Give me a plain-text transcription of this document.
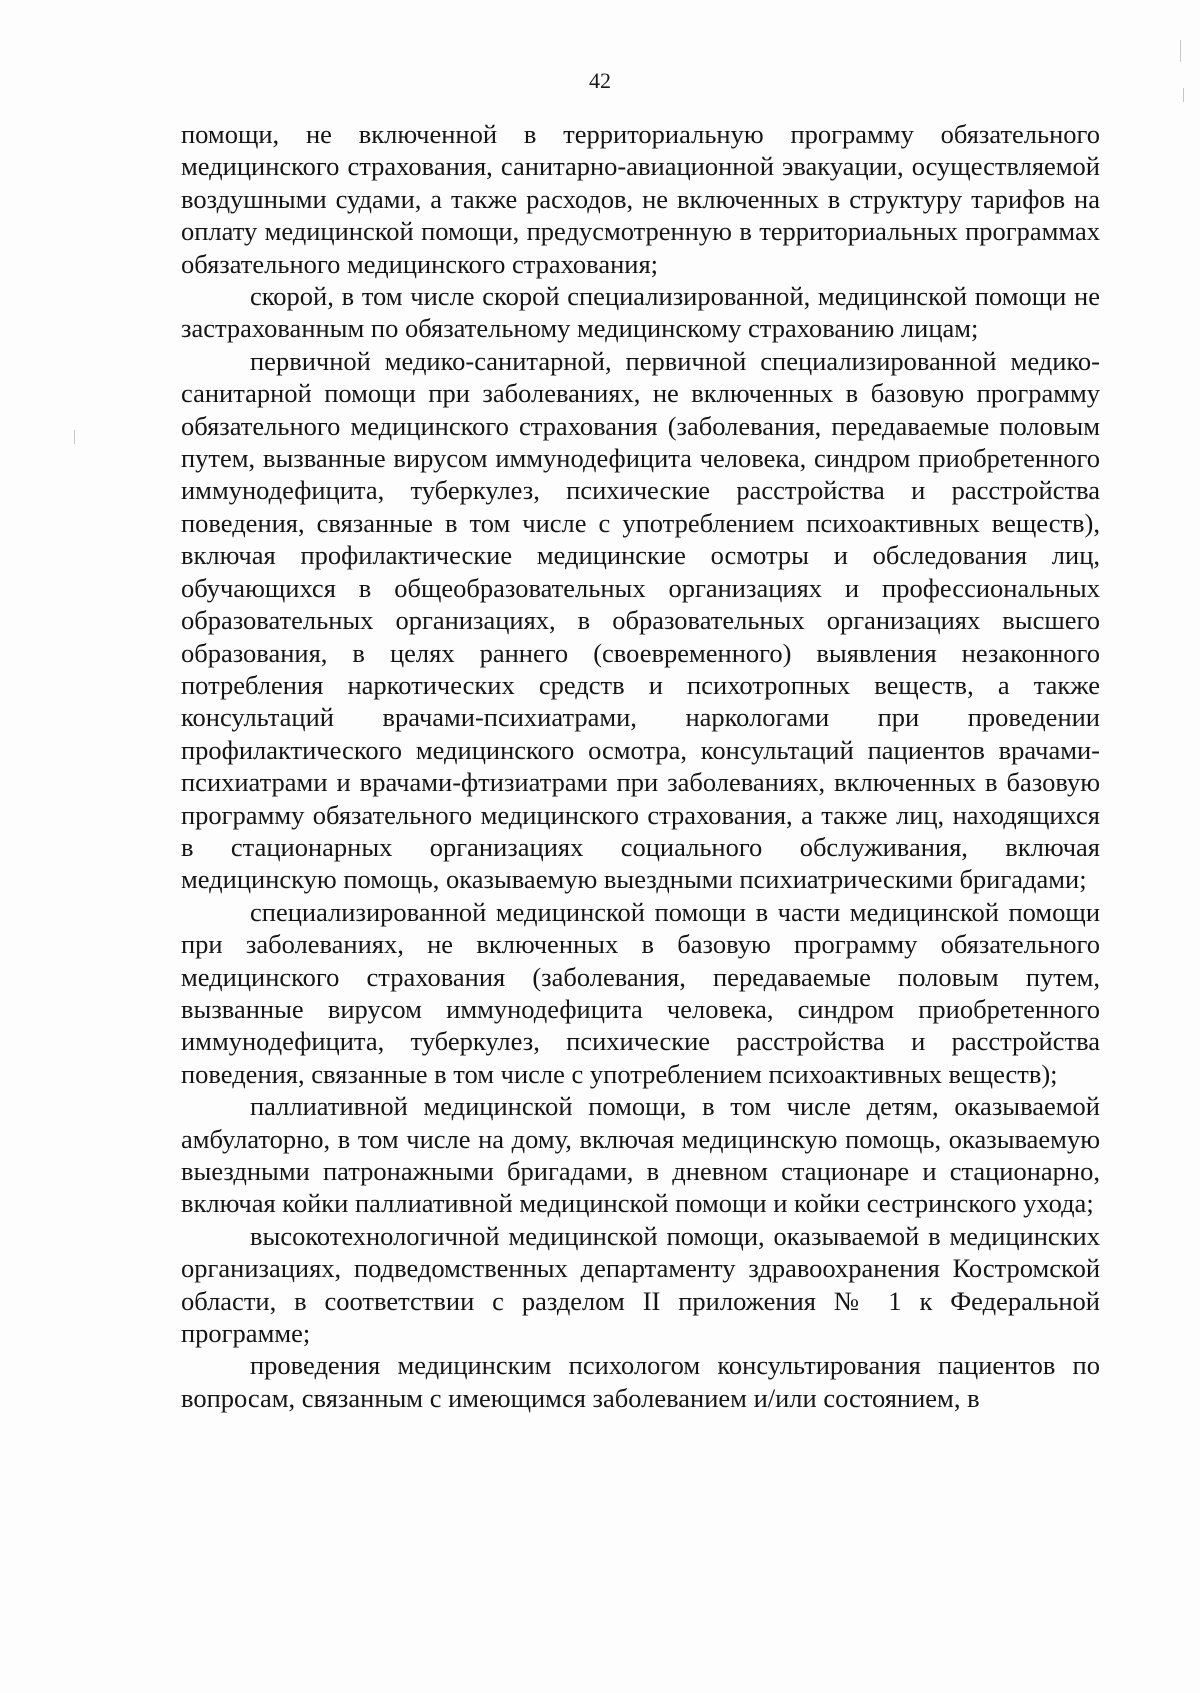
42

помощи, не включенной в территориальную программу обязательного медицинского страхования, санитарно-авиационной эвакуации, осуществляемой воздушными судами, а также расходов, не включенных в структуру тарифов на оплату медицинской помощи, предусмотренную в территориальных программах обязательного медицинского страхования;

скорой, в том числе скорой специализированной, медицинской помощи не застрахованным по обязательному медицинскому страхованию лицам;

первичной медико-санитарной, первичной специализированной медико-санитарной помощи при заболеваниях, не включенных в базовую программу обязательного медицинского страхования (заболевания, передаваемые половым путем, вызванные вирусом иммунодефицита человека, синдром приобретенного иммунодефицита, туберкулез, психические расстройства и расстройства поведения, связанные в том числе с употреблением психоактивных веществ), включая профилактические медицинские осмотры и обследования лиц, обучающихся в общеобразовательных организациях и профессиональных образовательных организациях, в образовательных организациях высшего образования, в целях раннего (своевременного) выявления незаконного потребления наркотических средств и психотропных веществ, а также консультаций врачами-психиатрами, наркологами при проведении профилактического медицинского осмотра, консультаций пациентов врачами-психиатрами и врачами-фтизиатрами при заболеваниях, включенных в базовую программу обязательного медицинского страхования, а также лиц, находящихся в стационарных организациях социального обслуживания, включая медицинскую помощь, оказываемую выездными психиатрическими бригадами;

специализированной медицинской помощи в части медицинской помощи при заболеваниях, не включенных в базовую программу обязательного медицинского страхования (заболевания, передаваемые половым путем, вызванные вирусом иммунодефицита человека, синдром приобретенного иммунодефицита, туберкулез, психические расстройства и расстройства поведения, связанные в том числе с употреблением психоактивных веществ);

паллиативной медицинской помощи, в том числе детям, оказываемой амбулаторно, в том числе на дому, включая медицинскую помощь, оказываемую выездными патронажными бригадами, в дневном стационаре и стационарно, включая койки паллиативной медицинской помощи и койки сестринского ухода;

высокотехнологичной медицинской помощи, оказываемой в медицинских организациях, подведомственных департаменту здравоохранения Костромской области, в соответствии с разделом II приложения № 1 к Федеральной программе;

проведения медицинским психологом консультирования пациентов по вопросам, связанным с имеющимся заболеванием и/или состоянием, в
